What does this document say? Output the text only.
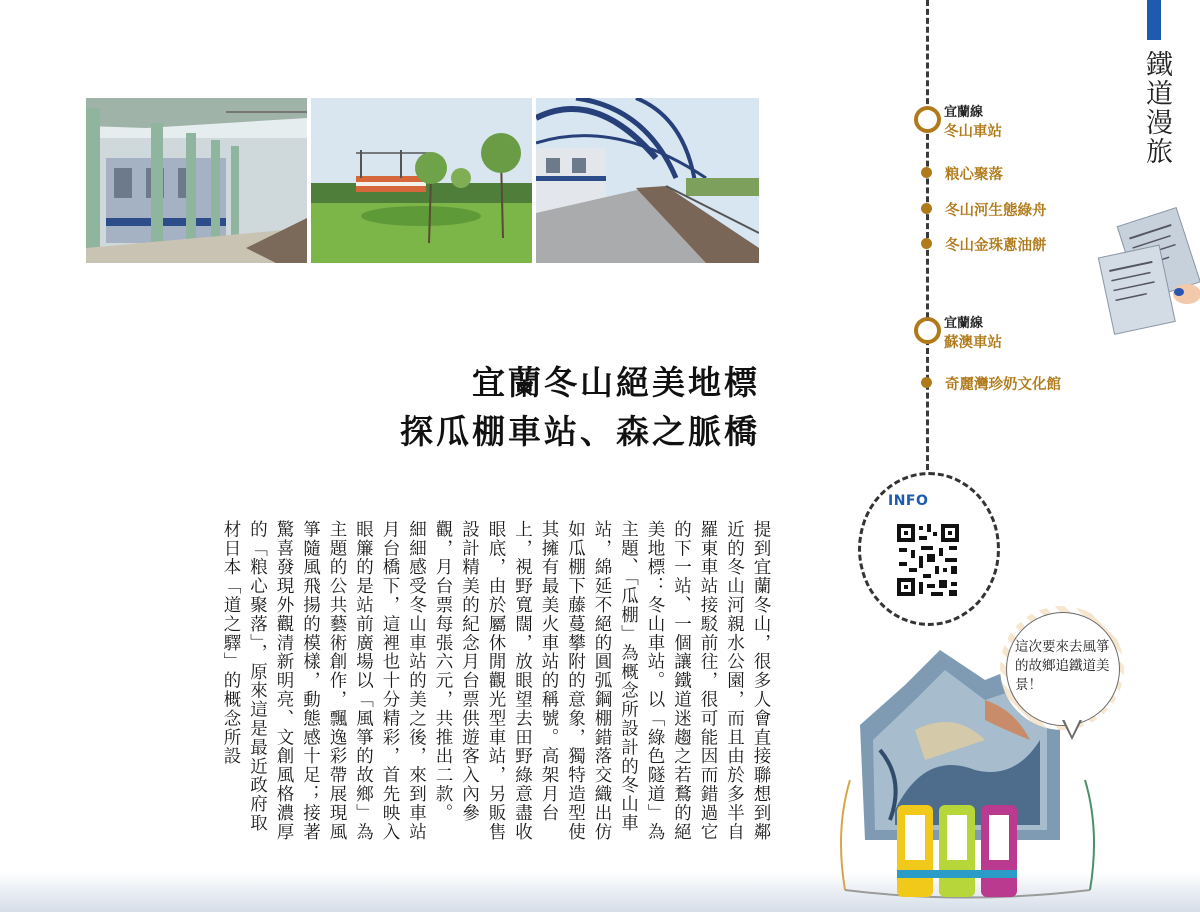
宜蘭冬山絕美地標
探瓜棚車站、森之脈橋

提到宜蘭冬山，很多人會直接聯想到鄰近的冬山河親水公園，而且由於多半自羅東車站接駁前往，很可能因而錯過它的下一站、一個讓鐵道迷趨之若鶩的絕美地標：冬山車站。以「綠色隧道」為主題、「瓜棚」為概念所設計的冬山車站，綿延不絕的圓弧鋼棚錯落交織出仿如瓜棚下藤蔓攀附的意象，獨特造型使其擁有最美火車站的稱號。高架月台上，視野寬闊，放眼望去田野綠意盡收眼底，由於屬休閒觀光型車站，另販售設計精美的紀念月台票供遊客入內參觀，月台票每張六元，共推出二款。

細細感受冬山車站的美之後，來到車站月台橋下，這裡也十分精彩，首先映入眼簾的是站前廣場以「風箏的故鄉」為主題的公共藝術創作，飄逸彩帶展現風箏隨風飛揚的模樣，動態感十足；接著驚喜發現外觀清新明亮、文創風格濃厚的「粮心聚落」，原來這是最近政府取材日本「道之驛」的概念所設

鐵道漫旅
宜蘭線
冬山車站
粮心聚落
冬山河生態綠舟
冬山金珠蔥油餅
宜蘭線
蘇澳車站
奇麗灣珍奶文化館
INFO
這次要來去風箏的故鄉追鐵道美景！
